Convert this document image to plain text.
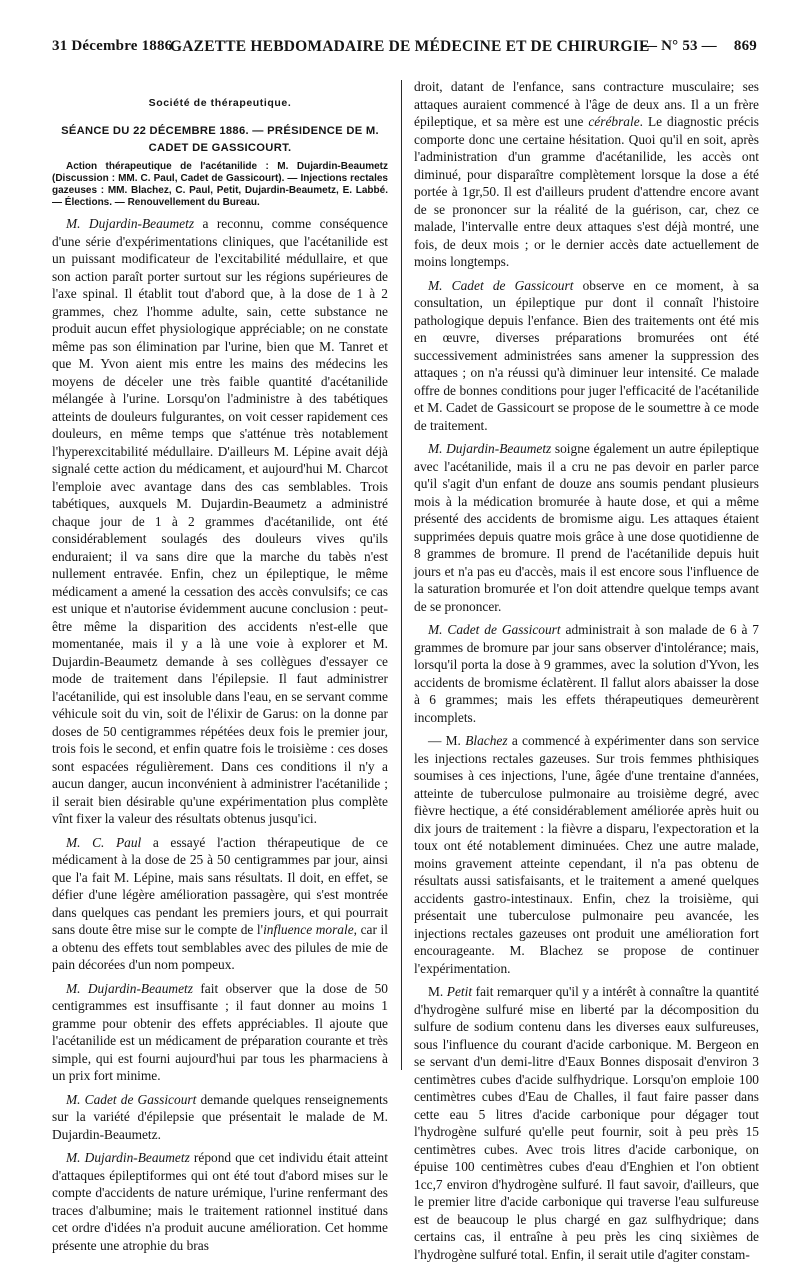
31 Décembre 1886
GAZETTE HEBDOMADAIRE DE MÉDECINE ET DE CHIRURGIE
— N° 53 — 869
Société de thérapeutique.
SÉANCE DU 22 DÉCEMBRE 1886. — PRÉSIDENCE DE M. CADET DE GASSICOURT.

Action thérapeutique de l'acétanilide : M. Dujardin-Beaumetz (Discussion : MM. C. Paul, Cadet de Gassicourt). — Injections rectales gazeuses : MM. Blachez, C. Paul, Petit, Dujardin-Beaumetz, E. Labbé. — Élections. — Renouvellement du Bureau.

M. Dujardin-Beaumetz a reconnu, comme conséquence d'une série d'expérimentations cliniques, que l'acétanilide est un puissant modificateur de l'excitabilité médullaire, et que son action paraît porter surtout sur les régions supérieures de l'axe spinal. Il établit tout d'abord que, à la dose de 1 à 2 grammes, chez l'homme adulte, sain, cette substance ne produit aucun effet physiologique appréciable; on ne constate même pas son élimination par l'urine, bien que M. Tanret et que M. Yvon aient mis entre les mains des médecins les moyens de déceler une très faible quantité d'acétanilide mélangée à l'urine. Lorsqu'on l'administre à des tabétiques atteints de douleurs fulgurantes, on voit cesser rapidement ces douleurs, en même temps que s'atténue très notablement l'hyperexcitabilité médullaire. D'ailleurs M. Lépine avait déjà signalé cette action du médicament, et aujourd'hui M. Charcot l'emploie avec avantage dans des cas semblables. Trois tabétiques, auxquels M. Dujardin-Beaumetz a administré chaque jour de 1 à 2 grammes d'acétanilide, ont été considérablement soulagés des douleurs vives qu'ils enduraient; il va sans dire que la marche du tabès n'est nullement entravée. Enfin, chez un épileptique, le même médicament a amené la cessation des accès convulsifs; ce cas est unique et n'autorise évidemment aucune conclusion : peut-être même la disparition des accidents n'est-elle que momentanée, mais il y a là une voie à explorer et M. Dujardin-Beaumetz demande à ses collègues d'essayer ce mode de traitement dans l'épilepsie. Il faut administrer l'acétanilide, qui est insoluble dans l'eau, en se servant comme véhicule soit du vin, soit de l'élixir de Garus: on la donne par doses de 50 centigrammes répétées deux fois le premier jour, trois fois le second, et enfin quatre fois le troisième : ces doses sont espacées régulièrement. Dans ces conditions il n'y a aucun danger, aucun inconvénient à administrer l'acétanilide ; il serait bien désirable qu'une expérimentation plus complète vînt fixer la valeur des résultats obtenus jusqu'ici.

M. C. Paul a essayé l'action thérapeutique de ce médicament à la dose de 25 à 50 centigrammes par jour, ainsi que l'a fait M. Lépine, mais sans résultats. Il doit, en effet, se défier d'une légère amélioration passagère, qui s'est montrée dans quelques cas pendant les premiers jours, et qui pourrait sans doute être mise sur le compte de l'influence morale, car il a obtenu des effets tout semblables avec des pilules de mie de pain décorées d'un nom pompeux.

M. Dujardin-Beaumetz fait observer que la dose de 50 centigrammes est insuffisante ; il faut donner au moins 1 gramme pour obtenir des effets appréciables. Il ajoute que l'acétanilide est un médicament de préparation courante et très simple, qui est fourni aujourd'hui par tous les pharmaciens à un prix fort minime.

M. Cadet de Gassicourt demande quelques renseignements sur la variété d'épilepsie que présentait le malade de M. Dujardin-Beaumetz.

M. Dujardin-Beaumetz répond que cet individu était atteint d'attaques épileptiformes qui ont été tout d'abord mises sur le compte d'accidents de nature urémique, l'urine renfermant des traces d'albumine; mais le traitement rationnel institué dans cet ordre d'idées n'a produit aucune amélioration. Cet homme présente une atrophie du bras

droit, datant de l'enfance, sans contracture musculaire; ses attaques auraient commencé à l'âge de deux ans. Il a un frère épileptique, et sa mère est une cérébrale. Le diagnostic précis comporte donc une certaine hésitation. Quoi qu'il en soit, après l'administration d'un gramme d'acétanilide, les accès ont diminué, pour disparaître complètement lorsque la dose a été portée à 1gr,50. Il est d'ailleurs prudent d'attendre encore avant de se prononcer sur la réalité de la guérison, car, chez ce malade, l'intervalle entre deux attaques s'est déjà montré, une fois, de deux mois ; or le dernier accès date actuellement de moins longtemps.

M. Cadet de Gassicourt observe en ce moment, à sa consultation, un épileptique pur dont il connaît l'histoire pathologique depuis l'enfance. Bien des traitements ont été mis en œuvre, diverses préparations bromurées ont été successivement administrées sans amener la suppression des attaques ; on n'a réussi qu'à diminuer leur intensité. Ce malade offre de bonnes conditions pour juger l'efficacité de l'acétanilide et M. Cadet de Gassicourt se propose de le soumettre à ce mode de traitement.

M. Dujardin-Beaumetz soigne également un autre épileptique avec l'acétanilide, mais il a cru ne pas devoir en parler parce qu'il s'agit d'un enfant de douze ans soumis pendant plusieurs mois à la médication bromurée à haute dose, et qui a même présenté des accidents de bromisme aigu. Les attaques étaient supprimées depuis quatre mois grâce à une dose quotidienne de 8 grammes de bromure. Il prend de l'acétanilide depuis huit jours et n'a pas eu d'accès, mais il est encore sous l'influence de la saturation bromurée et l'on doit attendre quelque temps avant de se prononcer.

M. Cadet de Gassicourt administrait à son malade de 6 à 7 grammes de bromure par jour sans observer d'intolérance; mais, lorsqu'il porta la dose à 9 grammes, avec la solution d'Yvon, les accidents de bromisme éclatèrent. Il fallut alors abaisser la dose à 6 grammes; mais les effets thérapeutiques demeurèrent incomplets.

— M. Blachez a commencé à expérimenter dans son service les injections rectales gazeuses. Sur trois femmes phthisiques soumises à ces injections, l'une, âgée d'une trentaine d'années, atteinte de tuberculose pulmonaire au troisième degré, avec fièvre hectique, a été considérablement améliorée après huit ou dix jours de traitement : la fièvre a disparu, l'expectoration et la toux ont été notablement diminuées. Chez une autre malade, moins gravement atteinte cependant, il n'a pas obtenu de résultats aussi satisfaisants, et le traitement a amené quelques accidents gastro-intestinaux. Enfin, chez la troisième, qui présentait une tuberculose pulmonaire peu avancée, les injections rectales gazeuses ont produit une amélioration fort encourageante. M. Blachez se propose de continuer l'expérimentation.

M. Petit fait remarquer qu'il y a intérêt à connaître la quantité d'hydrogène sulfuré mise en liberté par la décomposition du sulfure de sodium contenu dans les diverses eaux sulfureuses, sous l'influence du courant d'acide carbonique. M. Bergeon en se servant d'un demi-litre d'Eaux Bonnes disposait d'environ 3 centimètres cubes d'acide sulfhydrique. Lorsqu'on emploie 100 centimètres cubes d'Eau de Challes, il faut faire passer dans cette eau 5 litres d'acide carbonique pour dégager tout l'hydrogène sulfuré qu'elle peut fournir, soit à peu près 15 centimètres cubes. Avec trois litres d'acide carbonique, on épuise 100 centimètres cubes d'eau d'Enghien et l'on obtient 1cc,7 environ d'hydrogène sulfuré. Il faut savoir, d'ailleurs, que le premier litre d'acide carbonique qui traverse l'eau sulfureuse est de beaucoup le plus chargé en gaz sulfhydrique; dans certains cas, il entraîne à peu près les cinq sixièmes de l'hydrogène sulfuré total. Enfin, il serait utile d'agiter constam-
